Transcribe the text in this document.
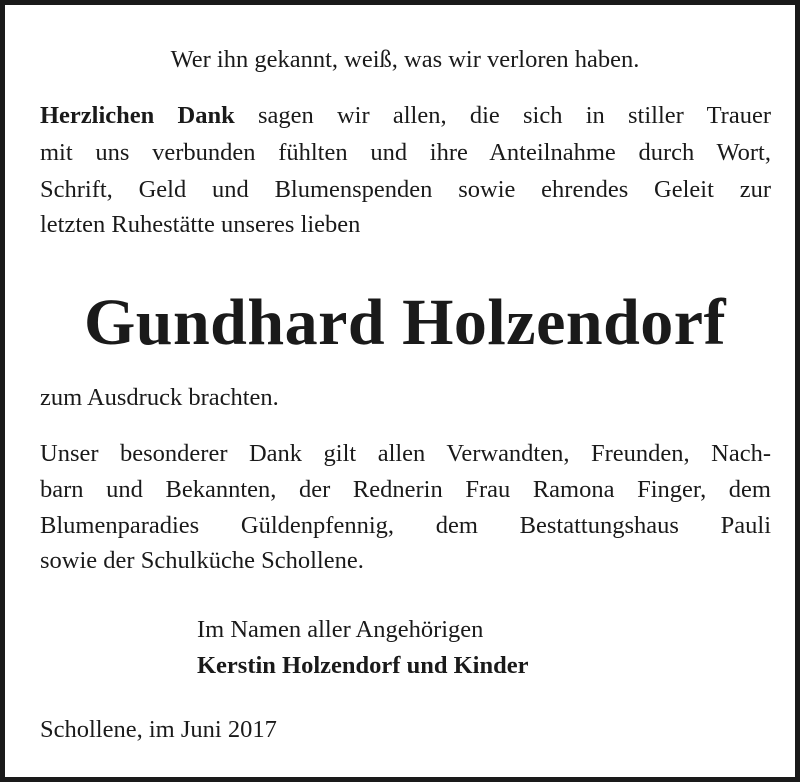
Wer ihn gekannt, weiß, was wir verloren haben.
Herzlichen Dank sagen wir allen, die sich in stiller Trauer
mit uns verbunden fühlten und ihre Anteilnahme durch Wort,
Schrift, Geld und Blumenspenden sowie ehrendes Geleit zur
letzten Ruhestätte unseres lieben
Gundhard Holzendorf
zum Ausdruck brachten.
Unser besonderer Dank gilt allen Verwandten, Freunden, Nach-
barn und Bekannten, der Rednerin Frau Ramona Finger, dem
Blumenparadies Güldenpfennig, dem Bestattungshaus Pauli
sowie der Schulküche Schollene.
Im Namen aller Angehörigen
Kerstin Holzendorf und Kinder
Schollene, im Juni 2017
